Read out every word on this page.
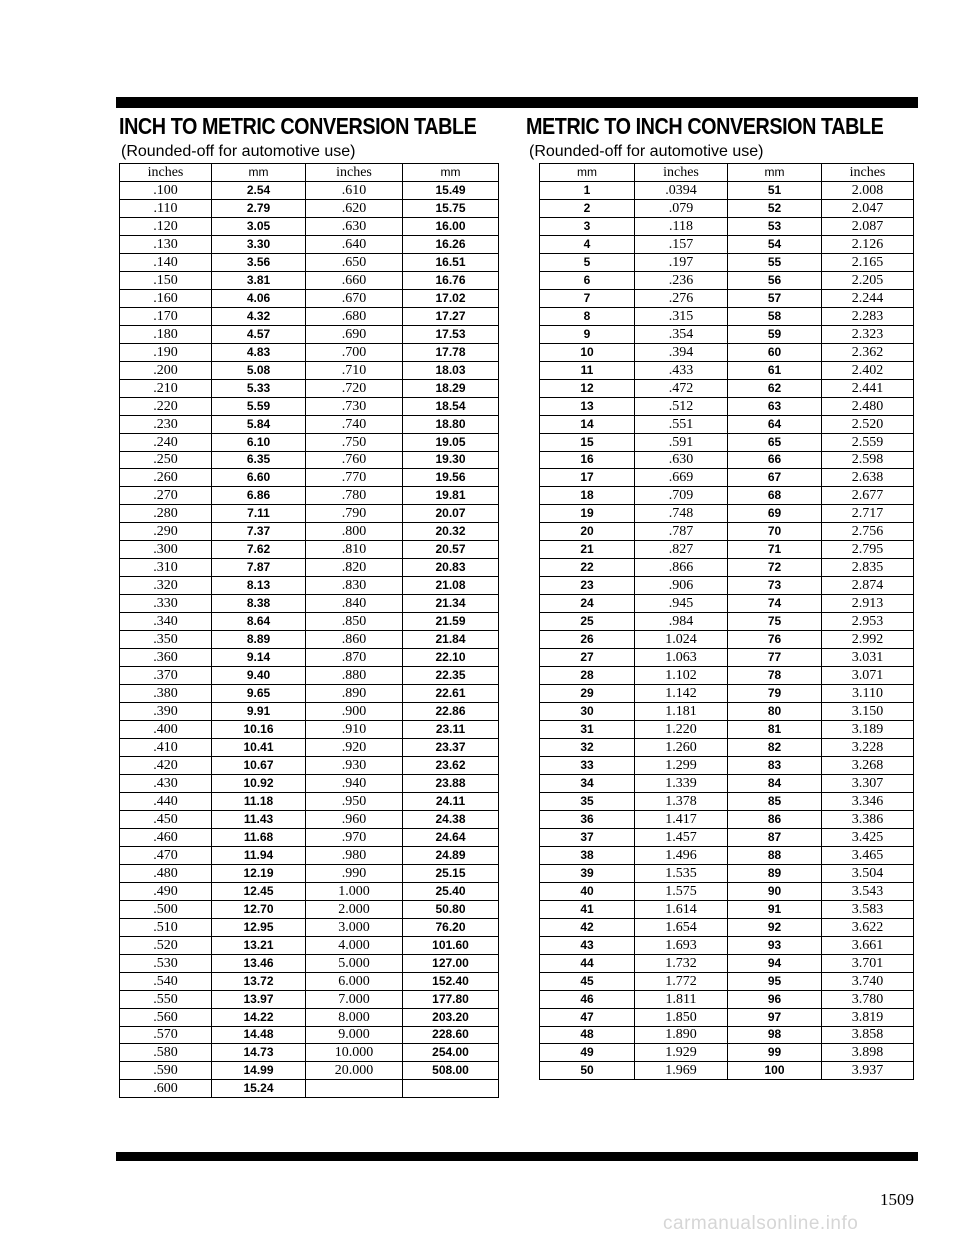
INCH TO METRIC CONVERSION TABLE
(Rounded-off for automotive use)
METRIC TO INCH CONVERSION TABLE
(Rounded-off for automotive use)
inches	mm	inches	mm
.100	2.54	.610	15.49
.110	2.79	.620	15.75
.120	3.05	.630	16.00
.130	3.30	.640	16.26
.140	3.56	.650	16.51
.150	3.81	.660	16.76
.160	4.06	.670	17.02
.170	4.32	.680	17.27
.180	4.57	.690	17.53
.190	4.83	.700	17.78
.200	5.08	.710	18.03
.210	5.33	.720	18.29
.220	5.59	.730	18.54
.230	5.84	.740	18.80
.240	6.10	.750	19.05
.250	6.35	.760	19.30
.260	6.60	.770	19.56
.270	6.86	.780	19.81
.280	7.11	.790	20.07
.290	7.37	.800	20.32
.300	7.62	.810	20.57
.310	7.87	.820	20.83
.320	8.13	.830	21.08
.330	8.38	.840	21.34
.340	8.64	.850	21.59
.350	8.89	.860	21.84
.360	9.14	.870	22.10
.370	9.40	.880	22.35
.380	9.65	.890	22.61
.390	9.91	.900	22.86
.400	10.16	.910	23.11
.410	10.41	.920	23.37
.420	10.67	.930	23.62
.430	10.92	.940	23.88
.440	11.18	.950	24.11
.450	11.43	.960	24.38
.460	11.68	.970	24.64
.470	11.94	.980	24.89
.480	12.19	.990	25.15
.490	12.45	1.000	25.40
.500	12.70	2.000	50.80
.510	12.95	3.000	76.20
.520	13.21	4.000	101.60
.530	13.46	5.000	127.00
.540	13.72	6.000	152.40
.550	13.97	7.000	177.80
.560	14.22	8.000	203.20
.570	14.48	9.000	228.60
.580	14.73	10.000	254.00
.590	14.99	20.000	508.00
.600	15.24		
mm	inches	mm	inches
1	.0394	51	2.008
2	.079	52	2.047
3	.118	53	2.087
4	.157	54	2.126
5	.197	55	2.165
6	.236	56	2.205
7	.276	57	2.244
8	.315	58	2.283
9	.354	59	2.323
10	.394	60	2.362
11	.433	61	2.402
12	.472	62	2.441
13	.512	63	2.480
14	.551	64	2.520
15	.591	65	2.559
16	.630	66	2.598
17	.669	67	2.638
18	.709	68	2.677
19	.748	69	2.717
20	.787	70	2.756
21	.827	71	2.795
22	.866	72	2.835
23	.906	73	2.874
24	.945	74	2.913
25	.984	75	2.953
26	1.024	76	2.992
27	1.063	77	3.031
28	1.102	78	3.071
29	1.142	79	3.110
30	1.181	80	3.150
31	1.220	81	3.189
32	1.260	82	3.228
33	1.299	83	3.268
34	1.339	84	3.307
35	1.378	85	3.346
36	1.417	86	3.386
37	1.457	87	3.425
38	1.496	88	3.465
39	1.535	89	3.504
40	1.575	90	3.543
41	1.614	91	3.583
42	1.654	92	3.622
43	1.693	93	3.661
44	1.732	94	3.701
45	1.772	95	3.740
46	1.811	96	3.780
47	1.850	97	3.819
48	1.890	98	3.858
49	1.929	99	3.898
50	1.969	100	3.937
1509
carmanualsonline.info
